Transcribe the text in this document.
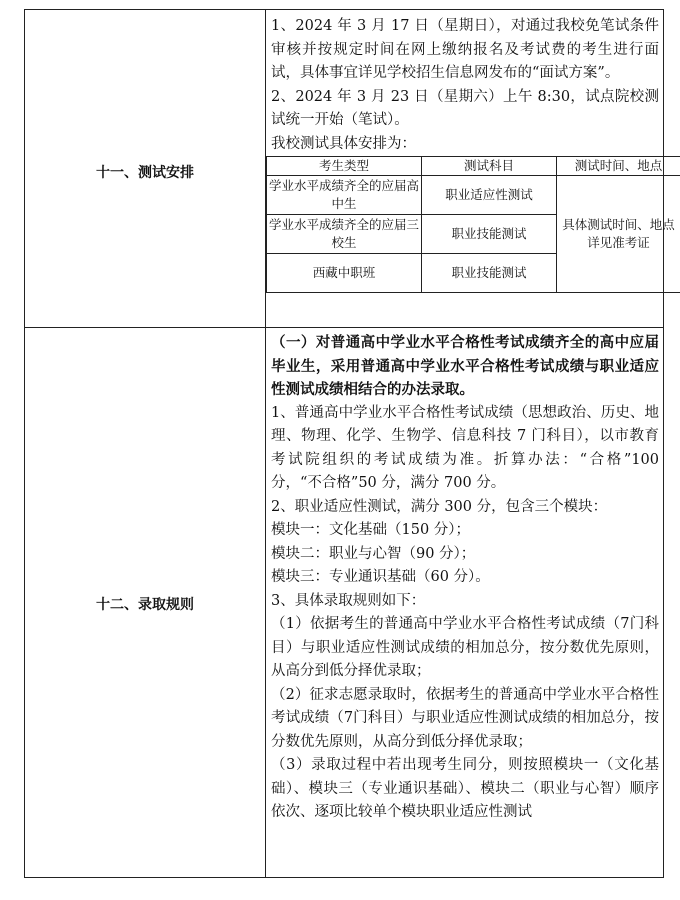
十一、测试安排

1、2024 年 3 月 17 日（星期日），对通过我校免笔试条件审核并按规定时间在网上缴纳报名及考试费的考生进行面试，具体事宜详见学校招生信息网发布的“面试方案”。

2、2024 年 3 月 23 日（星期六）上午 8:30，试点院校测试统一开始（笔试）。

我校测试具体安排为：

考生类型	测试科目	测试时间、地点
学业水平成绩齐全的应届高中生	职业适应性测试	具体测试时间、地点详见准考证
学业水平成绩齐全的应届三校生	职业技能测试	
西藏中职班	职业技能测试	
十二、录取规则

（一）对普通高中学业水平合格性考试成绩齐全的高中应届毕业生，采用普通高中学业水平合格性考试成绩与职业适应性测试成绩相结合的办法录取。

1、普通高中学业水平合格性考试成绩（思想政治、历史、地理、物理、化学、生物学、信息科技 7 门科目），以市教育考试院组织的考试成绩为准。折算办法：“合格”100 分，“不合格”50 分，满分 700 分。

2、职业适应性测试，满分 300 分，包含三个模块：

模块一：文化基础（150 分）；

模块二：职业与心智（90 分）；

模块三：专业通识基础（60 分）。

3、具体录取规则如下：

（1）依据考生的普通高中学业水平合格性考试成绩（7门科目）与职业适应性测试成绩的相加总分，按分数优先原则，从高分到低分择优录取；

（2）征求志愿录取时，依据考生的普通高中学业水平合格性考试成绩（7门科目）与职业适应性测试成绩的相加总分，按分数优先原则，从高分到低分择优录取；

（3）录取过程中若出现考生同分，则按照模块一（文化基础）、模块三（专业通识基础）、模块二（职业与心智）顺序依次、逐项比较单个模块职业适应性测试
